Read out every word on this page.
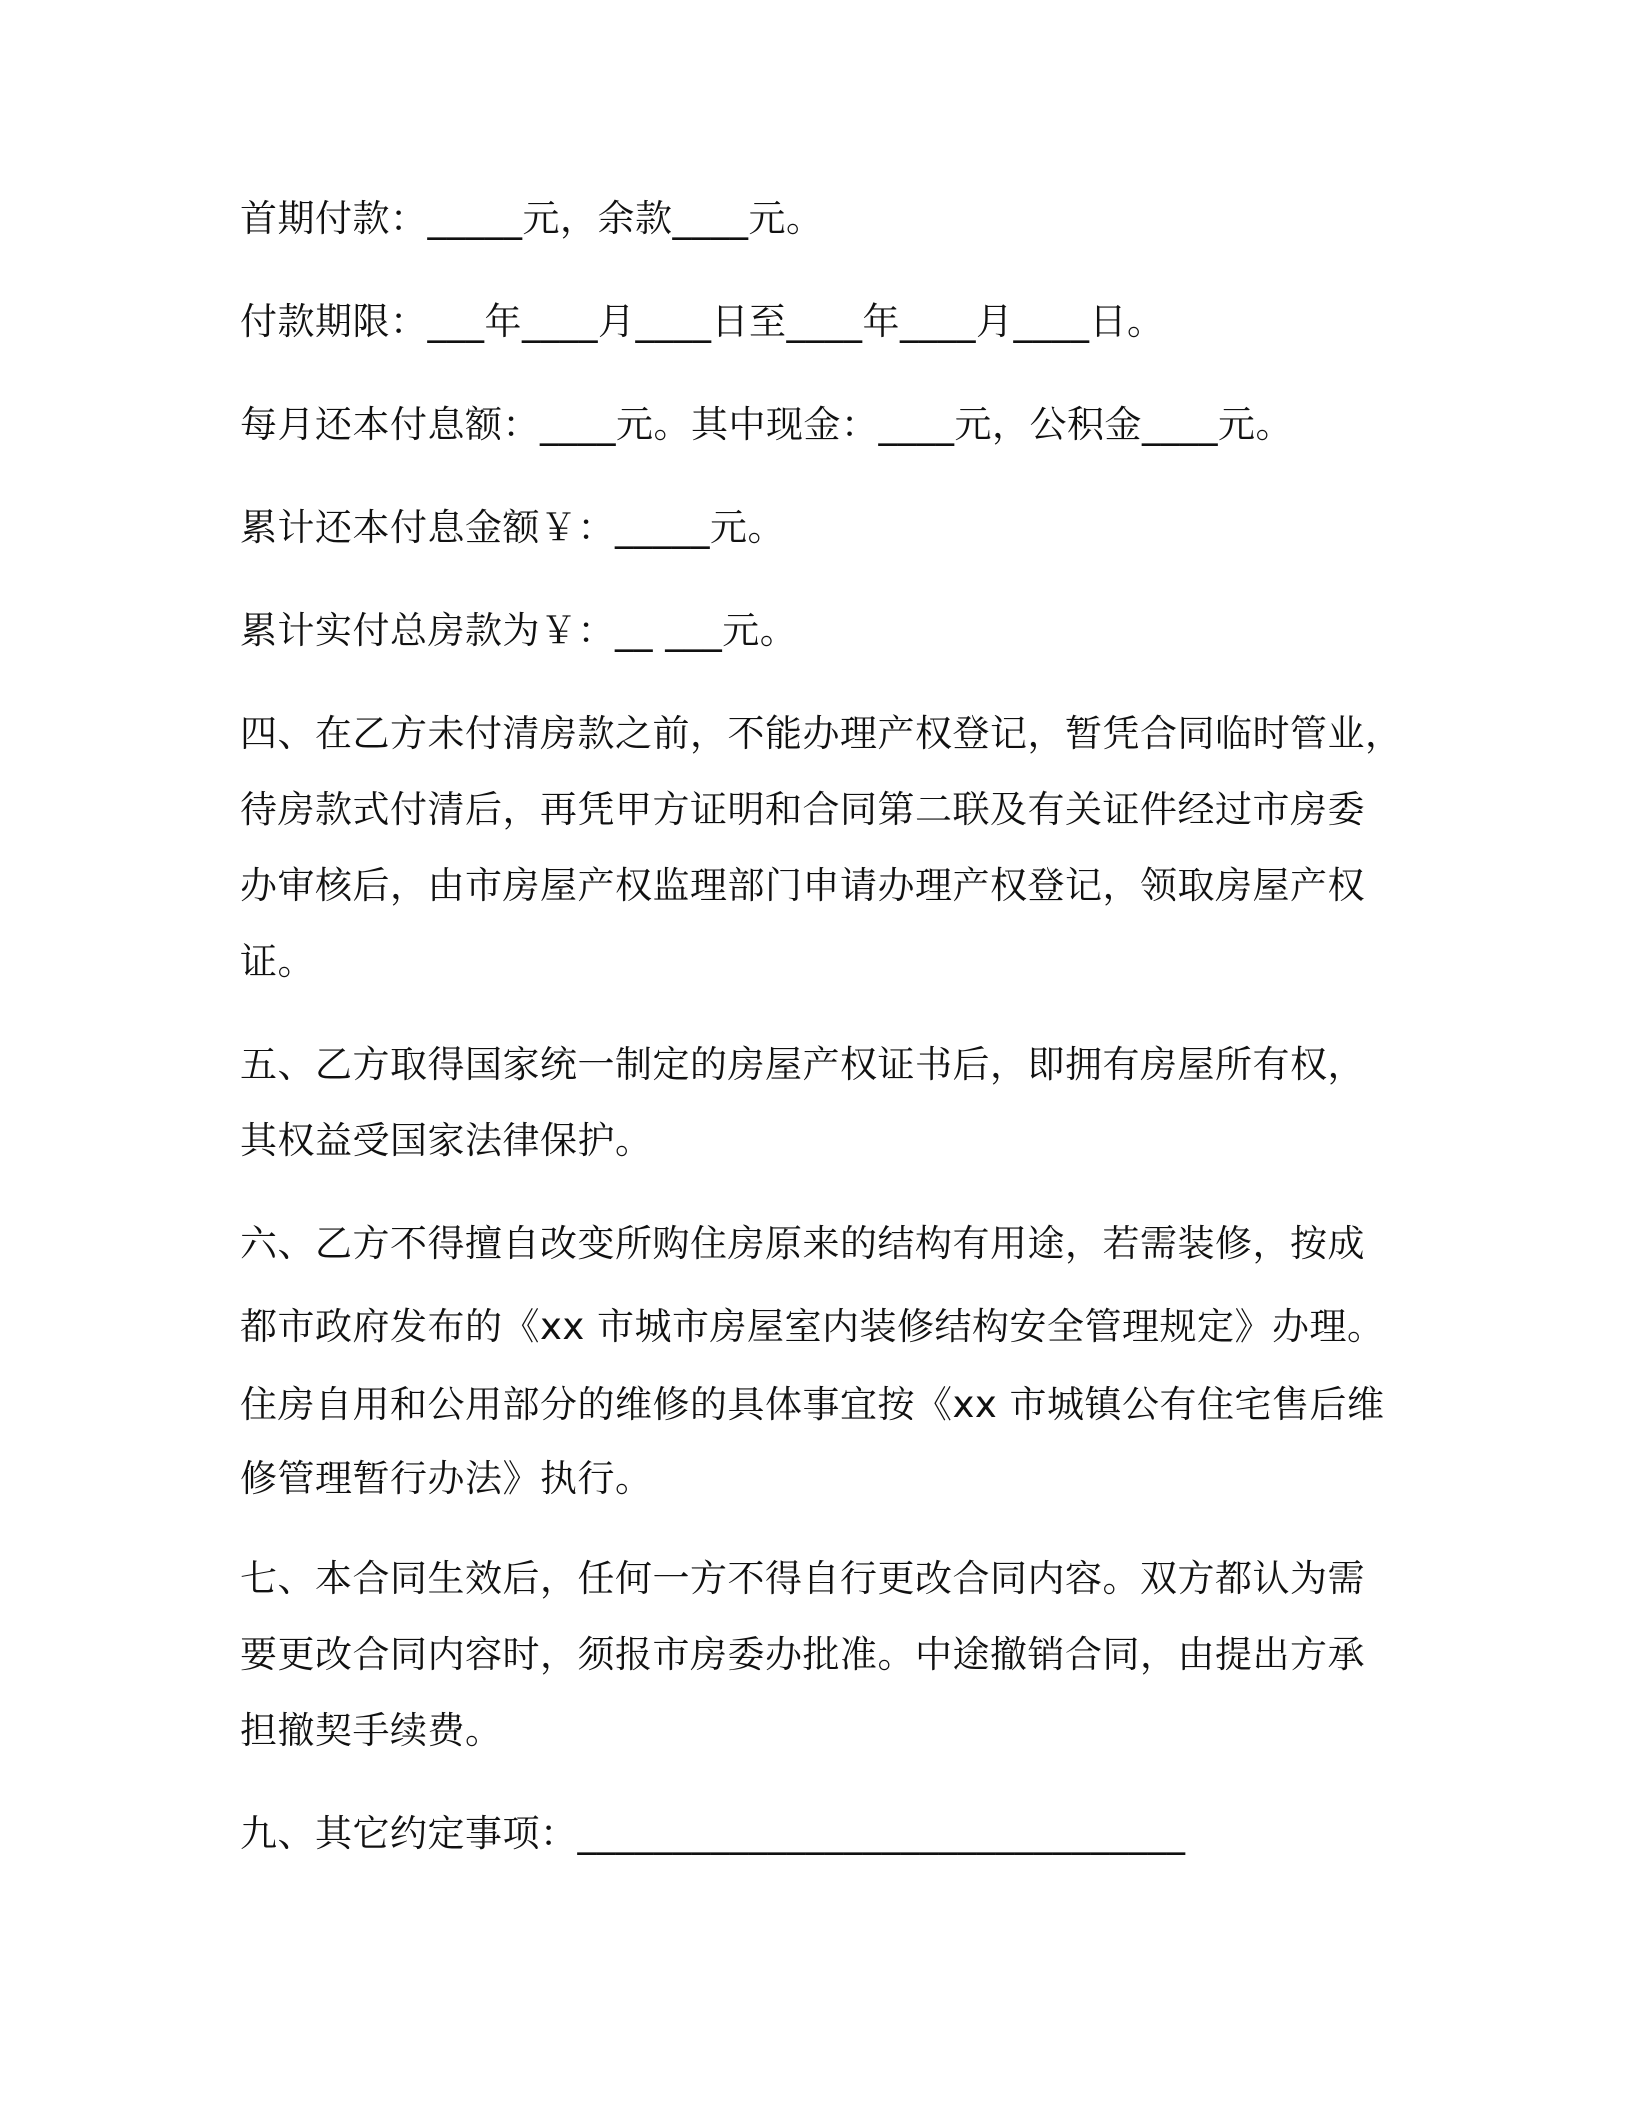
首期付款：_____元，余款____元。
付款期限：___年____月____日至____年____月____日。
每月还本付息额：____元。其中现金：____元，公积金____元。
累计还本付息金额￥：_____元。
累计实付总房款为￥：__ ___元。
四、在乙方未付清房款之前，不能办理产权登记，暂凭合同临时管业，
待房款式付清后，再凭甲方证明和合同第二联及有关证件经过市房委
办审核后，由市房屋产权监理部门申请办理产权登记，领取房屋产权
证。
五、乙方取得国家统一制定的房屋产权证书后，即拥有房屋所有权，
其权益受国家法律保护。
六、乙方不得擅自改变所购住房原来的结构有用途，若需装修，按成
都市政府发布的《xx 市城市房屋室内装修结构安全管理规定》办理。
住房自用和公用部分的维修的具体事宜按《xx 市城镇公有住宅售后维
修管理暂行办法》执行。
七、本合同生效后，任何一方不得自行更改合同内容。双方都认为需
要更改合同内容时，须报市房委办批准。中途撤销合同，由提出方承
担撤契手续费。
九、其它约定事项：________________________________
